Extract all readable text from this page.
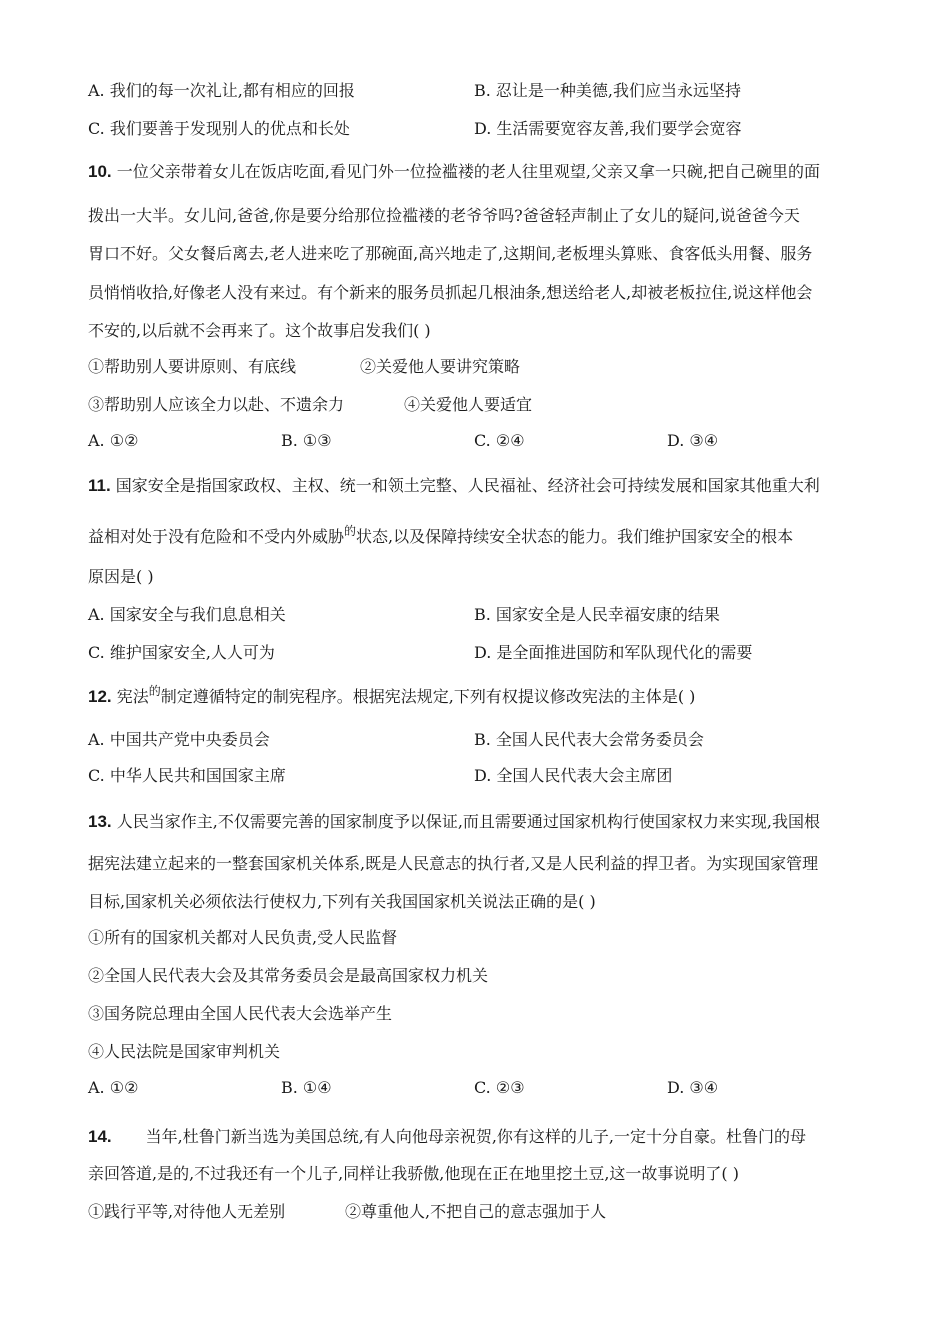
A. 我们的每一次礼让,都有相应的回报	B. 忍让是一种美德,我们应当永远坚持
C. 我们要善于发现别人的优点和长处	D. 生活需要宽容友善,我们要学会宽容
10. 一位父亲带着女儿在饭店吃面,看见门外一位捡褴褛的老人往里观望,父亲又拿一只碗,把自己碗里的面
拨出一大半。女儿问,爸爸,你是要分给那位捡褴褛的老爷爷吗?爸爸轻声制止了女儿的疑问,说爸爸今天
胃口不好。父女餐后离去,老人进来吃了那碗面,高兴地走了,这期间,老板埋头算账、食客低头用餐、服务
员悄悄收拾,好像老人没有来过。有个新来的服务员抓起几根油条,想送给老人,却被老板拉住,说这样他会
不安的,以后就不会再来了。这个故事启发我们( )
①帮助别人要讲原则、有底线	②关爱他人要讲究策略
③帮助别人应该全力以赴、不遗余力	④关爱他人要适宜
A. ①②	B. ①③	C. ②④	D. ③④
11. 国家安全是指国家政权、主权、统一和领土完整、人民福祉、经济社会可持续发展和国家其他重大利
益相对处于没有危险和不受内外威胁$^的$状态,以及保障持续安全状态的能力。我们维护国家安全的根本
原因是( )
A. 国家安全与我们息息相关	B. 国家安全是人民幸福安康的结果
C. 维护国家安全,人人可为	D. 是全面推进国防和军队现代化的需要
12. 宪法$^的$制定遵循特定的制宪程序。根据宪法规定,下列有权提议修改宪法的主体是( )
A. 中国共产党中央委员会	B. 全国人民代表大会常务委员会
C. 中华人民共和国国家主席	D. 全国人民代表大会主席团
13. 人民当家作主,不仅需要完善的国家制度予以保证,而且需要通过国家机构行使国家权力来实现,我国根
据宪法建立起来的一整套国家机关体系,既是人民意志的执行者,又是人民利益的捍卫者。为实现国家管理
目标,国家机关必须依法行使权力,下列有关我国国家机关说法正确的是( )
①所有的国家机关都对人民负责,受人民监督
②全国人民代表大会及其常务委员会是最高国家权力机关
③国务院总理由全国人民代表大会选举产生
④人民法院是国家审判机关
A. ①②	B. ①④	C. ②③	D. ③④
14. 当年,杜鲁门新当选为美国总统,有人向他母亲祝贺,你有这样的儿子,一定十分自豪。杜鲁门的母
亲回答道,是的,不过我还有一个儿子,同样让我骄傲,他现在正在地里挖土豆,这一故事说明了( )
①践行平等,对待他人无差别	②尊重他人,不把自己的意志强加于人
